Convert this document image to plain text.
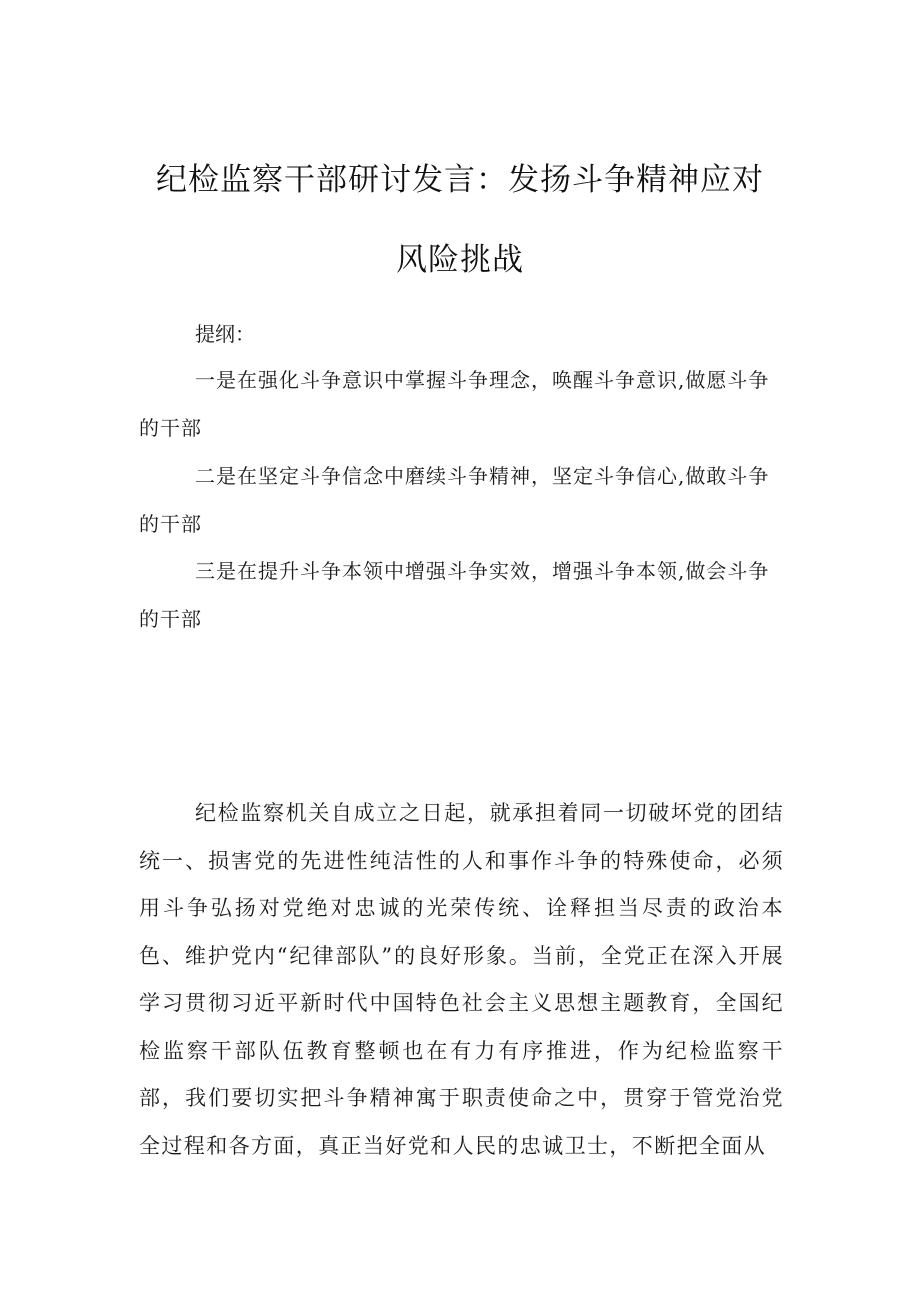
纪检监察干部研讨发言：发扬斗争精神应对
风险挑战
提纲：

一是在强化斗争意识中掌握斗争理念，唤醒斗争意识,做愿斗争的干部

二是在坚定斗争信念中磨续斗争精神，坚定斗争信心,做敢斗争的干部

三是在提升斗争本领中增强斗争实效，增强斗争本领,做会斗争的干部

纪检监察机关自成立之日起，就承担着同一切破坏党的团结统一、损害党的先进性纯洁性的人和事作斗争的特殊使命，必须用斗争弘扬对党绝对忠诚的光荣传统、诠释担当尽责的政治本色、维护党内“纪律部队”的良好形象。当前，全党正在深入开展学习贯彻习近平新时代中国特色社会主义思想主题教育，全国纪检监察干部队伍教育整顿也在有力有序推进，作为纪检监察干部，我们要切实把斗争精神寓于职责使命之中，贯穿于管党治党全过程和各方面，真正当好党和人民的忠诚卫士，不断把全面从
